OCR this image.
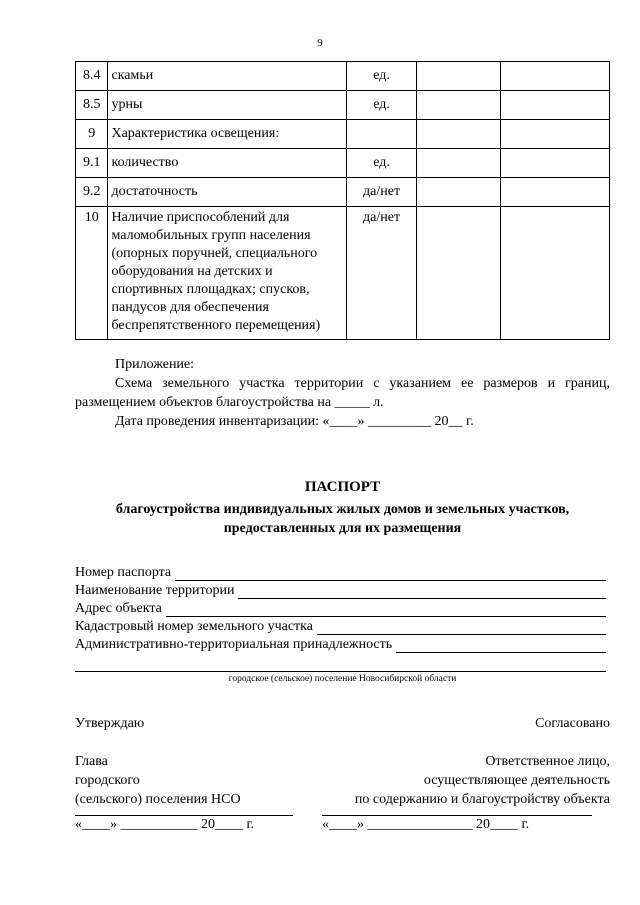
9
8.4	скамьи	ед.		
8.5	урны	ед.		
9	Характеристика освещения:			
9.1	количество	ед.		
9.2	достаточность	да/нет		
10	Наличие приспособлений для маломобильных групп населения (опорных поручней, специального оборудования на детских и спортивных площадках; спусков, пандусов для обеспечения беспрепятственного перемещения)	да/нет		

Приложение:

Схема земельного участка территории с указанием ее размеров и границ, размещением объектов благоустройства на _____ л.

Дата проведения инвентаризации: «____» _________ 20__ г.

ПАСПОРТ
благоустройства индивидуальных жилых домов и земельных участков, предоставленных для их размещения
Номер паспорта
Наименование территории
Адрес объекта
Кадастровый номер земельного участка
Административно-территориальная принадлежность
городское (сельское) поселение Новосибирской области

Утверждаю

Глава

городского

(сельского) поселения НСО

Согласовано

Ответственное лицо,

осуществляющее деятельность

по содержанию и благоустройству объекта

«____» ___________ 20____ г.	«____» _______________ 20____ г.
